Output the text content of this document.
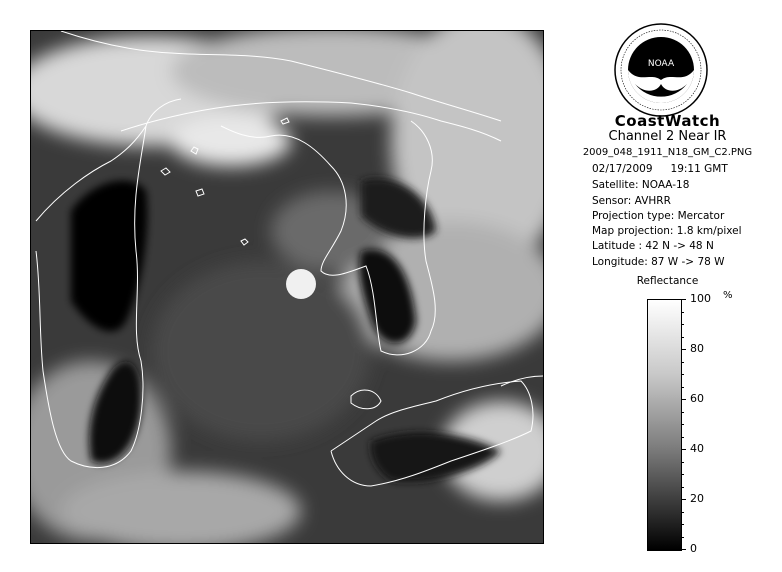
NOAA
CoastWatch
Channel 2 Near IR
2009_048_1911_N18_GM_C2.PNG
02/17/2009 19:11 GMT
Satellite: NOAA-18
Sensor: AVHRR
Projection type: Mercator
Map projection: 1.8 km/pixel
Latitude : 42 N -> 48 N
Longitude: 87 W -> 78 W
Reflectance
%
100
80
60
40
20
0
